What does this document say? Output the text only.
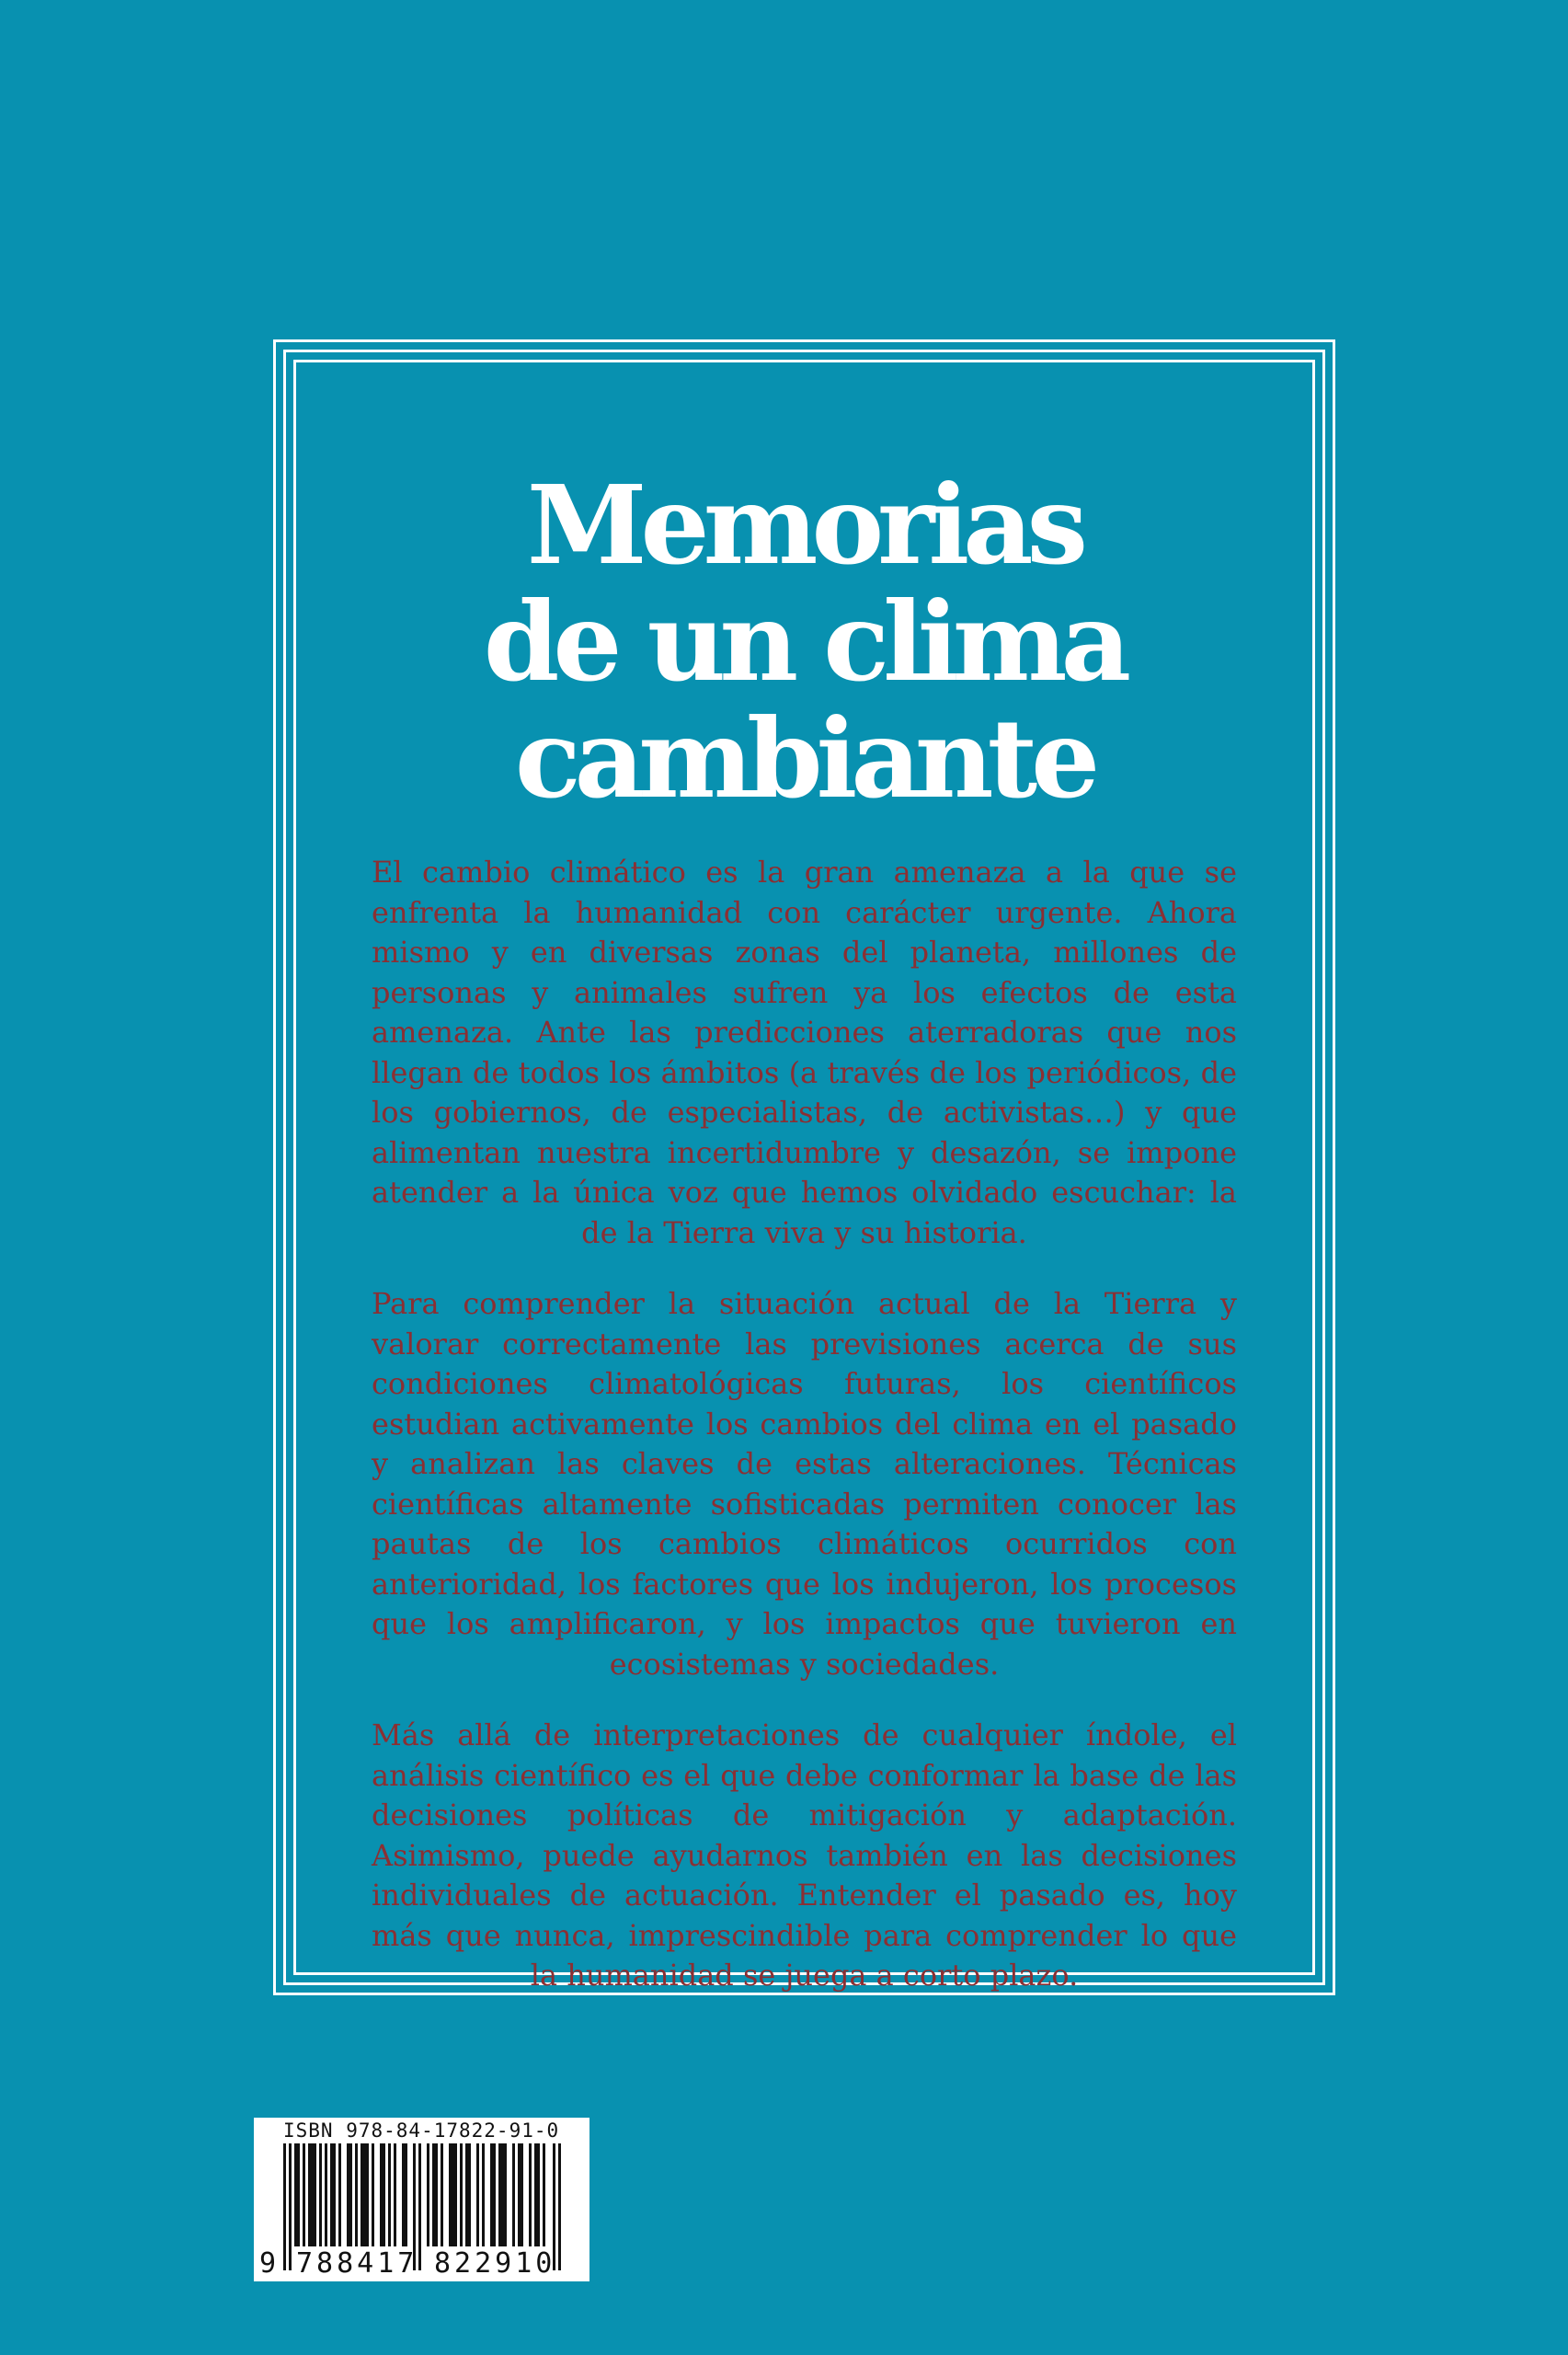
Memorias
de un clima
cambiante

El cambio climático es la gran amenaza a la que se enfrenta la humanidad con carácter urgente. Ahora mismo y en diversas zonas del planeta, millones de personas y animales sufren ya los efectos de esta amenaza. Ante las predicciones aterradoras que nos llegan de todos los ámbitos (a través de los periódicos, de los gobiernos, de especialistas, de activistas…) y que alimentan nuestra incertidumbre y desazón, se impone atender a la única voz que hemos olvidado escuchar: la de la Tierra viva y su historia.

Para comprender la situación actual de la Tierra y valorar correctamente las previsiones acerca de sus condiciones climatológicas futuras, los científicos estudian activamente los cambios del clima en el pasado y analizan las claves de estas alteraciones. Técnicas científicas altamente sofisticadas permiten conocer las pautas de los cambios climáticos ocurridos con anterioridad, los factores que los indujeron, los procesos que los amplificaron, y los impactos que tuvieron en ecosistemas y sociedades.

Más allá de interpretaciones de cualquier índole, el análisis científico es el que debe conformar la base de las decisiones políticas de mitigación y adaptación. Asimismo, puede ayudarnos también en las decisiones individuales de actuación. Entender el pasado es, hoy más que nunca, imprescindible para comprender lo que la humanidad se juega a corto plazo.

ISBN 978-84-17822-91-0
9 788417 822910
